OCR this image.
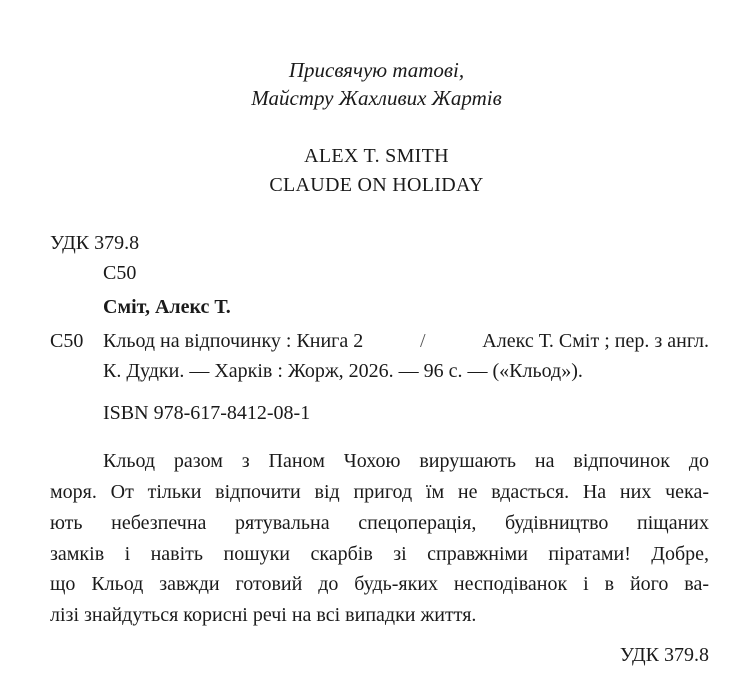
Присвячую татові,
Майстру Жахливих Жартів
ALEX T. SMITH
CLAUDE ON HOLIDAY
УДК 379.8
С50
Сміт, Алекс Т.
С50 Кльод на відпочинку : Книга 2	/	Алекс Т. Сміт ; пер. з англ.
К. Дудки. — Харків : Жорж, 2026. — 96 с. — («Кльод»).
ISBN 978-617-8412-08-1
Кльод разом з Паном Чохою вирушають на відпочинок до
моря. От тільки відпочити від пригод їм не вдасться. На них чека-
ють небезпечна рятувальна спецоперація, будівництво піщаних
замків і навіть пошуки скарбів зі справжніми піратами! Добре,
що Кльод завжди готовий до будь-яких несподіванок і в його ва-
лізі знайдуться корисні речі на всі випадки життя.
УДК 379.8
